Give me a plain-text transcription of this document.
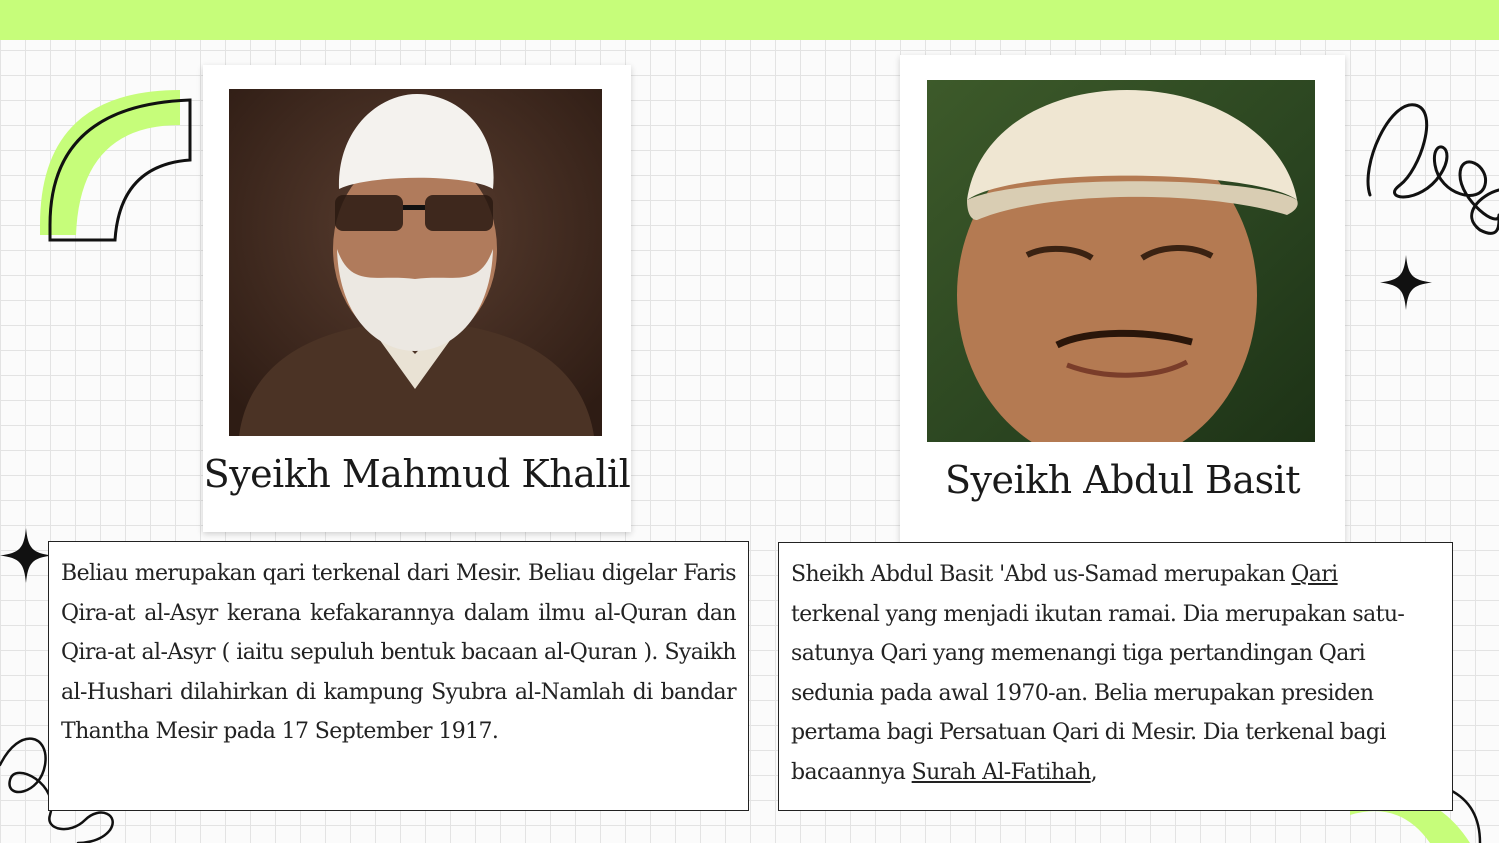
Syeikh Mahmud Khalil	Syeikh Abdul Basit
Beliau merupakan qari terkenal dari Mesir. Beliau digelar Faris Qira-at al-Asyr kerana kefakarannya dalam ilmu al-Quran dan Qira-at al-Asyr ( iaitu sepuluh bentuk bacaan al-Quran ). Syaikh al-Hushari dilahirkan di kampung Syubra al-Namlah di bandar Thantha Mesir pada 17 September 1917.
Sheikh Abdul Basit 'Abd us-Samad merupakan Qari
terkenal yang menjadi ikutan ramai. Dia merupakan satu-satunya Qari yang memenangi tiga pertandingan Qari sedunia pada awal 1970-an. Belia merupakan presiden pertama bagi Persatuan Qari di Mesir. Dia terkenal bagi bacaannya Surah Al-Fatihah,
